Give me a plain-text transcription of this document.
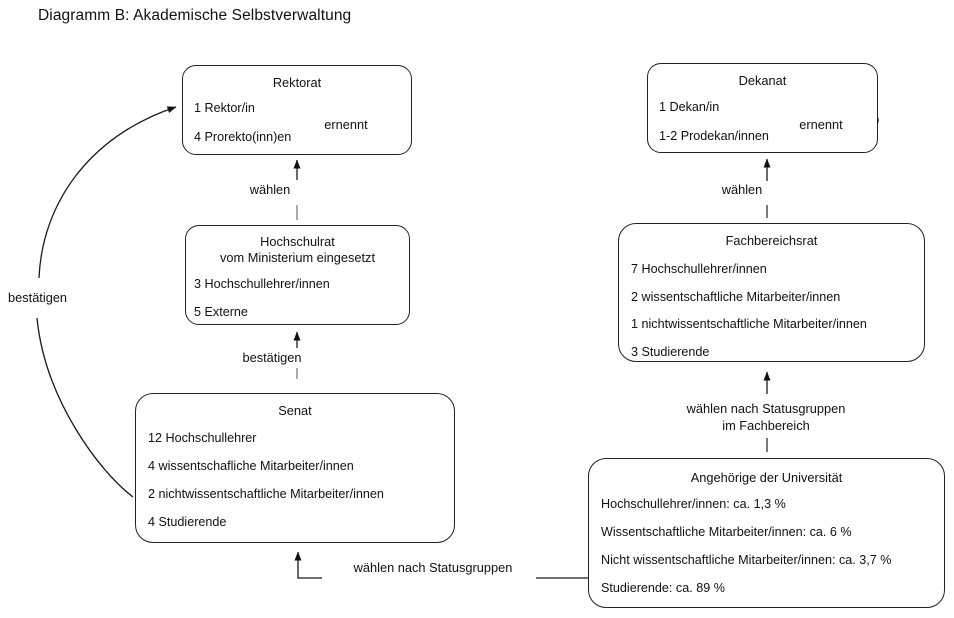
Diagramm B: Akademische Selbstverwaltung
Rektorat
1 Rektor/in
4 Prorekto(inn)en
ernennt
Dekanat
1 Dekan/in
1-2 Prodekan/innen
ernennt
Hochschulrat
vom Ministerium eingesetzt
3 Hochschullehrer/innen
5 Externe
Fachbereichsrat
7 Hochschullehrer/innen
2 wissentschaftliche Mitarbeiter/innen
1 nichtwissentschaftliche Mitarbeiter/innen
3 Studierende
Senat
12 Hochschullehrer
4 wissentschafliche Mitarbeiter/innen
2 nichtwissentschaftliche Mitarbeiter/innen
4 Studierende
Angehörige der Universität
Hochschullehrer/innen: ca. 1,3 %
Wissentschaftliche Mitarbeiter/innen: ca. 6 %
Nicht wissentschaftliche Mitarbeiter/innen: ca. 3,7 %
Studierende: ca. 89 %
wählen
bestätigen
bestätigen
wählen
wählen nach Statusgruppen
im Fachbereich
wählen nach Statusgruppen
